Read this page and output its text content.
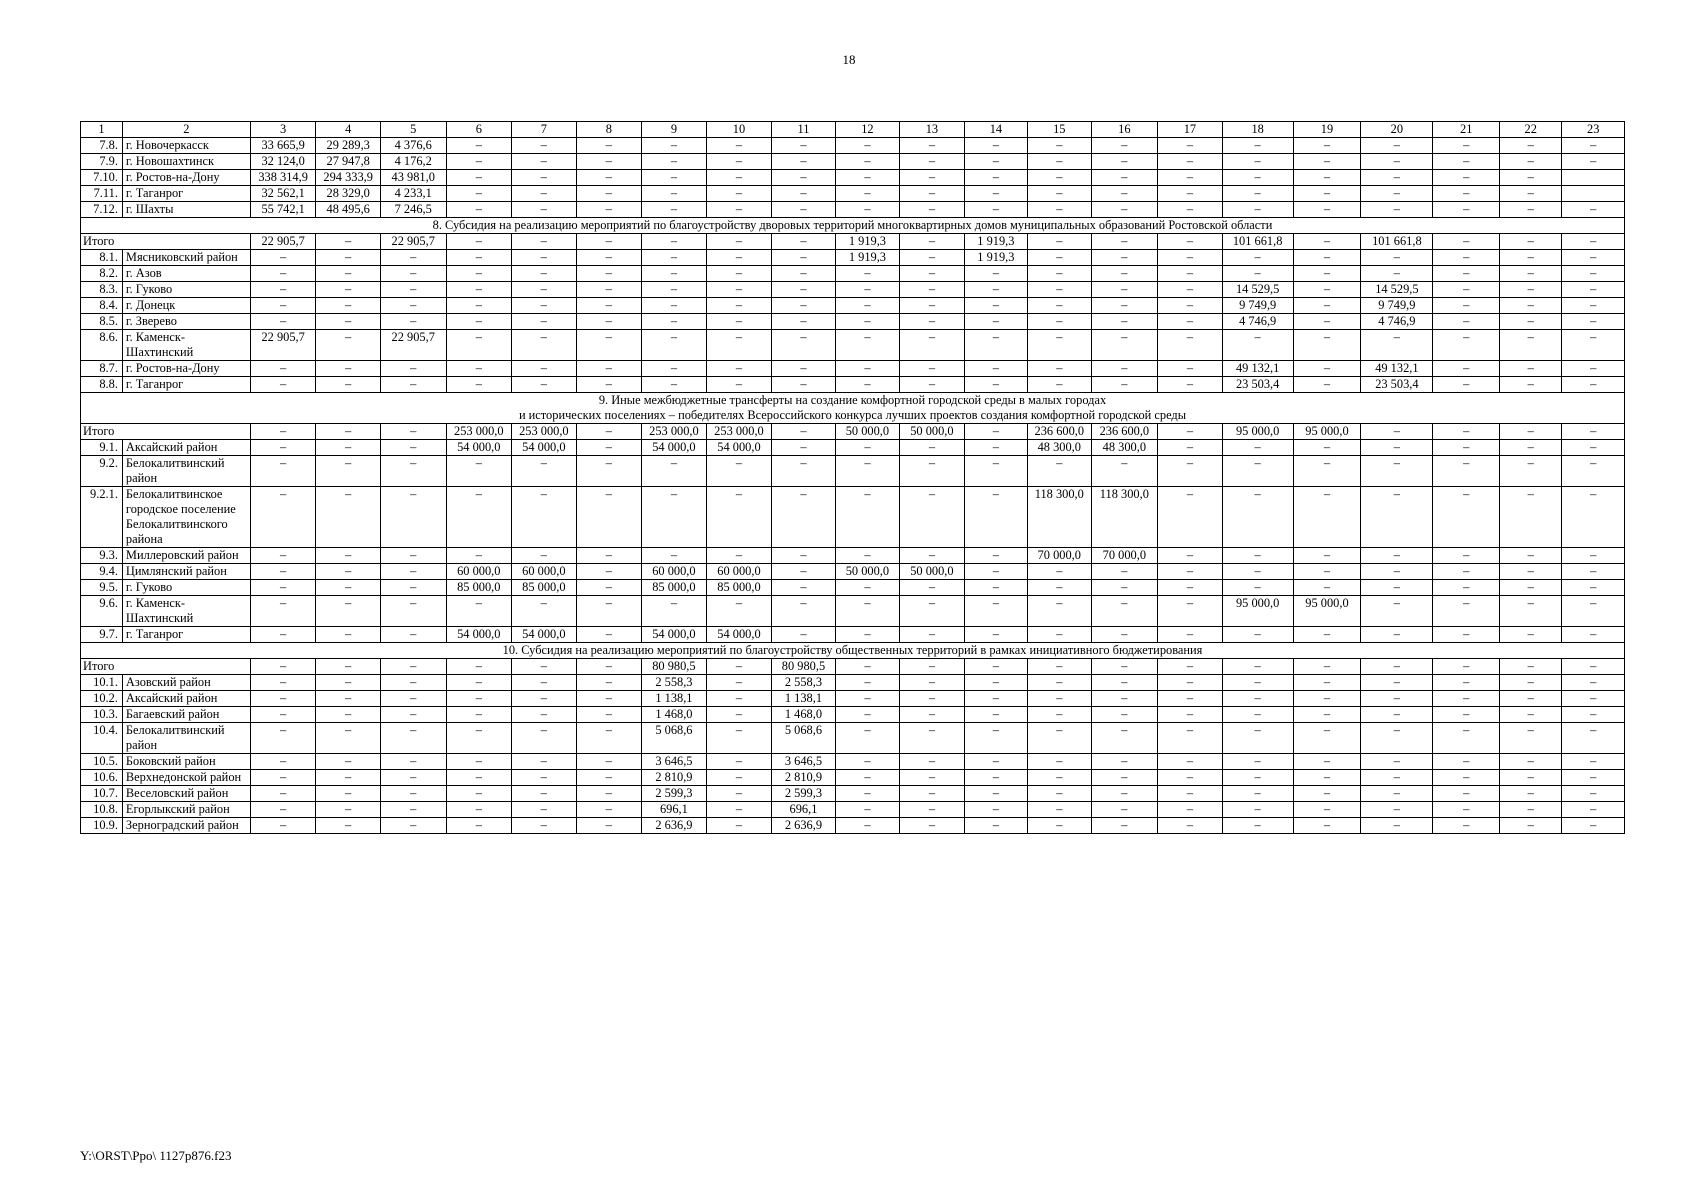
18
1	2	3	4	5	6	7	8	9	10	11	12	13	14	15	16	17	18	19	20	21	22	23
7.8.	г. Новочеркасск	33 665,9	29 289,3	4 376,6	–	–	–	–	–	–	–	–	–	–	–	–	–	–	–	–	–	–
7.9.	г. Новошахтинск	32 124,0	27 947,8	4 176,2	–	–	–	–	–	–	–	–	–	–	–	–	–	–	–	–	–	–
7.10.	г. Ростов-на-Дону	338 314,9	294 333,9	43 981,0	–	–	–	–	–	–	–	–	–	–	–	–	–	–	–	–	–	
7.11.	г. Таганрог	32 562,1	28 329,0	4 233,1	–	–	–	–	–	–	–	–	–	–	–	–	–	–	–	–	–	
7.12.	г. Шахты	55 742,1	48 495,6	7 246,5	–	–	–	–	–	–	–	–	–	–	–	–	–	–	–	–	–	–

8. Субсидия на реализацию мероприятий по благоустройству дворовых территорий многоквартирных домов муниципальных образований Ростовской области																						

Итого		22 905,7	–	22 905,7	–	–	–	–	–	–	1 919,3	–	1 919,3	–	–	–	101 661,8	–	101 661,8	–	–	–
8.1.	Мясниковский район	–	–	–	–	–	–	–	–	–	1 919,3	–	1 919,3	–	–	–	–	–	–	–	–	–
8.2.	г. Азов	–	–	–	–	–	–	–	–	–	–	–	–	–	–	–	–	–	–	–	–	–
8.3.	г. Гуково	–	–	–	–	–	–	–	–	–	–	–	–	–	–	–	14 529,5	–	14 529,5	–	–	–
8.4.	г. Донецк	–	–	–	–	–	–	–	–	–	–	–	–	–	–	–	9 749,9	–	9 749,9	–	–	–
8.5.	г. Зверево	–	–	–	–	–	–	–	–	–	–	–	–	–	–	–	4 746,9	–	4 746,9	–	–	–
8.6.	г. Каменск-Шахтинский	22 905,7	–	22 905,7	–	–	–	–	–	–	–	–	–	–	–	–	–	–	–	–	–	–
8.7.	г. Ростов-на-Дону	–	–	–	–	–	–	–	–	–	–	–	–	–	–	–	49 132,1	–	49 132,1	–	–	–
8.8.	г. Таганрог	–	–	–	–	–	–	–	–	–	–	–	–	–	–	–	23 503,4	–	23 503,4	–	–	–

9. Иные межбюджетные трансферты на создание комфортной городской среды в малых городах
и исторических поселениях – победителях Всероссийского конкурса лучших проектов создания комфортной городской среды																						

Итого		–	–	–	253 000,0	253 000,0	–	253 000,0	253 000,0	–	50 000,0	50 000,0	–	236 600,0	236 600,0	–	95 000,0	95 000,0	–	–	–	–
9.1.	Аксайский район	–	–	–	54 000,0	54 000,0	–	54 000,0	54 000,0	–	–	–	–	48 300,0	48 300,0	–	–	–	–	–	–	–
9.2.	Белокалитвинский район	–	–	–	–	–	–	–	–	–	–	–	–	–	–	–	–	–	–	–	–	–
9.2.1.	Белокалитвинское городское поселение Белокалитвинского района	–	–	–	–	–	–	–	–	–	–	–	–	118 300,0	118 300,0	–	–	–	–	–	–	–
9.3.	Миллеровский район	–	–	–	–	–	–	–	–	–	–	–	–	70 000,0	70 000,0	–	–	–	–	–	–	–
9.4.	Цимлянский район	–	–	–	60 000,0	60 000,0	–	60 000,0	60 000,0	–	50 000,0	50 000,0	–	–	–	–	–	–	–	–	–	–
9.5.	г. Гуково	–	–	–	85 000,0	85 000,0	–	85 000,0	85 000,0	–	–	–	–	–	–	–	–	–	–	–	–	–
9.6.	г. Каменск-Шахтинский	–	–	–	–	–	–	–	–	–	–	–	–	–	–	–	95 000,0	95 000,0	–	–	–	–
9.7.	г. Таганрог	–	–	–	54 000,0	54 000,0	–	54 000,0	54 000,0	–	–	–	–	–	–	–	–	–	–	–	–	–

10. Субсидия на реализацию мероприятий по благоустройству общественных территорий в рамках инициативного бюджетирования																						

Итого		–	–	–	–	–	–	80 980,5	–	80 980,5	–	–	–	–	–	–	–	–	–	–	–	–
10.1.	Азовский район	–	–	–	–	–	–	2 558,3	–	2 558,3	–	–	–	–	–	–	–	–	–	–	–	–
10.2.	Аксайский район	–	–	–	–	–	–	1 138,1	–	1 138,1	–	–	–	–	–	–	–	–	–	–	–	–
10.3.	Багаевский район	–	–	–	–	–	–	1 468,0	–	1 468,0	–	–	–	–	–	–	–	–	–	–	–	–
10.4.	Белокалитвинский район	–	–	–	–	–	–	5 068,6	–	5 068,6	–	–	–	–	–	–	–	–	–	–	–	–
10.5.	Боковский район	–	–	–	–	–	–	3 646,5	–	3 646,5	–	–	–	–	–	–	–	–	–	–	–	–
10.6.	Верхнедонской район	–	–	–	–	–	–	2 810,9	–	2 810,9	–	–	–	–	–	–	–	–	–	–	–	–
10.7.	Веселовский район	–	–	–	–	–	–	2 599,3	–	2 599,3	–	–	–	–	–	–	–	–	–	–	–	–
10.8.	Егорлыкский район	–	–	–	–	–	–	696,1	–	696,1	–	–	–	–	–	–	–	–	–	–	–	–
10.9.	Зерноградский район	–	–	–	–	–	–	2 636,9	–	2 636,9	–	–	–	–	–	–	–	–	–	–	–	–
Y:\ORST\Ppo\ 1127p876.f23
